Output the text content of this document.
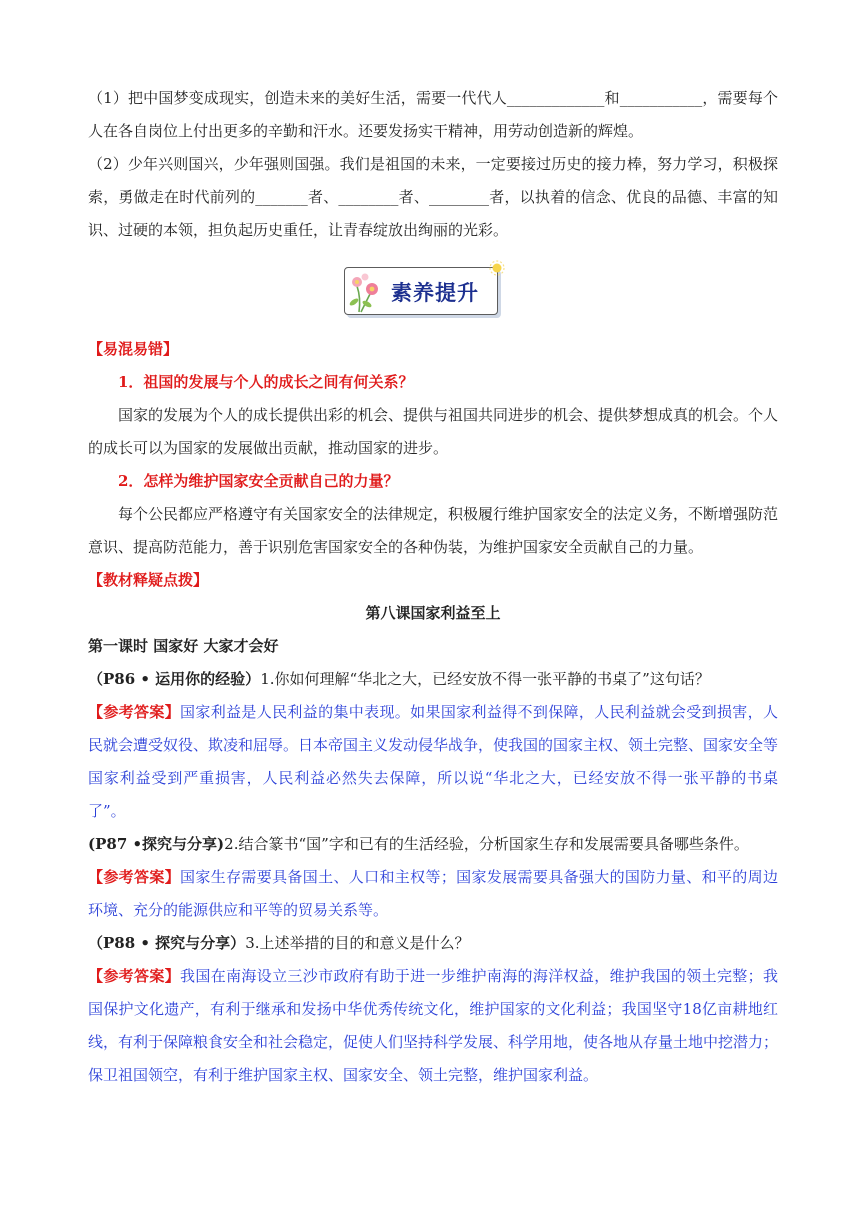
（1）把中国梦变成现实，创造未来的美好生活，需要一代代人_____________和___________，需要每个人在各自岗位上付出更多的辛勤和汗水。还要发扬实干精神，用劳动创造新的辉煌。

（2）少年兴则国兴，少年强则国强。我们是祖国的未来，一定要接过历史的接力棒，努力学习，积极探索，勇做走在时代前列的_______者、________者、________者，以执着的信念、优良的品德、丰富的知识、过硬的本领，担负起历史重任，让青春绽放出绚丽的光彩。

素养提升

【易混易错】

1．祖国的发展与个人的成长之间有何关系？

国家的发展为个人的成长提供出彩的机会、提供与祖国共同进步的机会、提供梦想成真的机会。个人的成长可以为国家的发展做出贡献，推动国家的进步。

2．怎样为维护国家安全贡献自己的力量？

每个公民都应严格遵守有关国家安全的法律规定，积极履行维护国家安全的法定义务，不断增强防范意识、提高防范能力，善于识别危害国家安全的各种伪装，为维护国家安全贡献自己的力量。

【教材释疑点拨】

第八课国家利益至上

第一课时 国家好 大家才会好

（P86 • 运用你的经验）1.你如何理解“华北之大，已经安放不得一张平静的书桌了”这句话？

【参考答案】国家利益是人民利益的集中表现。如果国家利益得不到保障，人民利益就会受到损害，人民就会遭受奴役、欺凌和屈辱。日本帝国主义发动侵华战争，使我国的国家主权、领土完整、国家安全等国家利益受到严重损害，人民利益必然失去保障，所以说“华北之大，已经安放不得一张平静的书桌了”。

(P87 •探究与分享)2.结合篆书“国”字和已有的生活经验，分析国家生存和发展需要具备哪些条件。

【参考答案】国家生存需要具备国土、人口和主权等；国家发展需要具备强大的国防力量、和平的周边环境、充分的能源供应和平等的贸易关系等。

（P88 • 探究与分享）3.上述举措的目的和意义是什么？

【参考答案】我国在南海设立三沙市政府有助于进一步维护南海的海洋权益，维护我国的领土完整；我国保护文化遗产，有利于继承和发扬中华优秀传统文化，维护国家的文化利益；我国坚守18亿亩耕地红线，有利于保障粮食安全和社会稳定，促使人们坚持科学发展、科学用地，使各地从存量土地中挖潜力；保卫祖国领空，有利于维护国家主权、国家安全、领土完整，维护国家利益。
